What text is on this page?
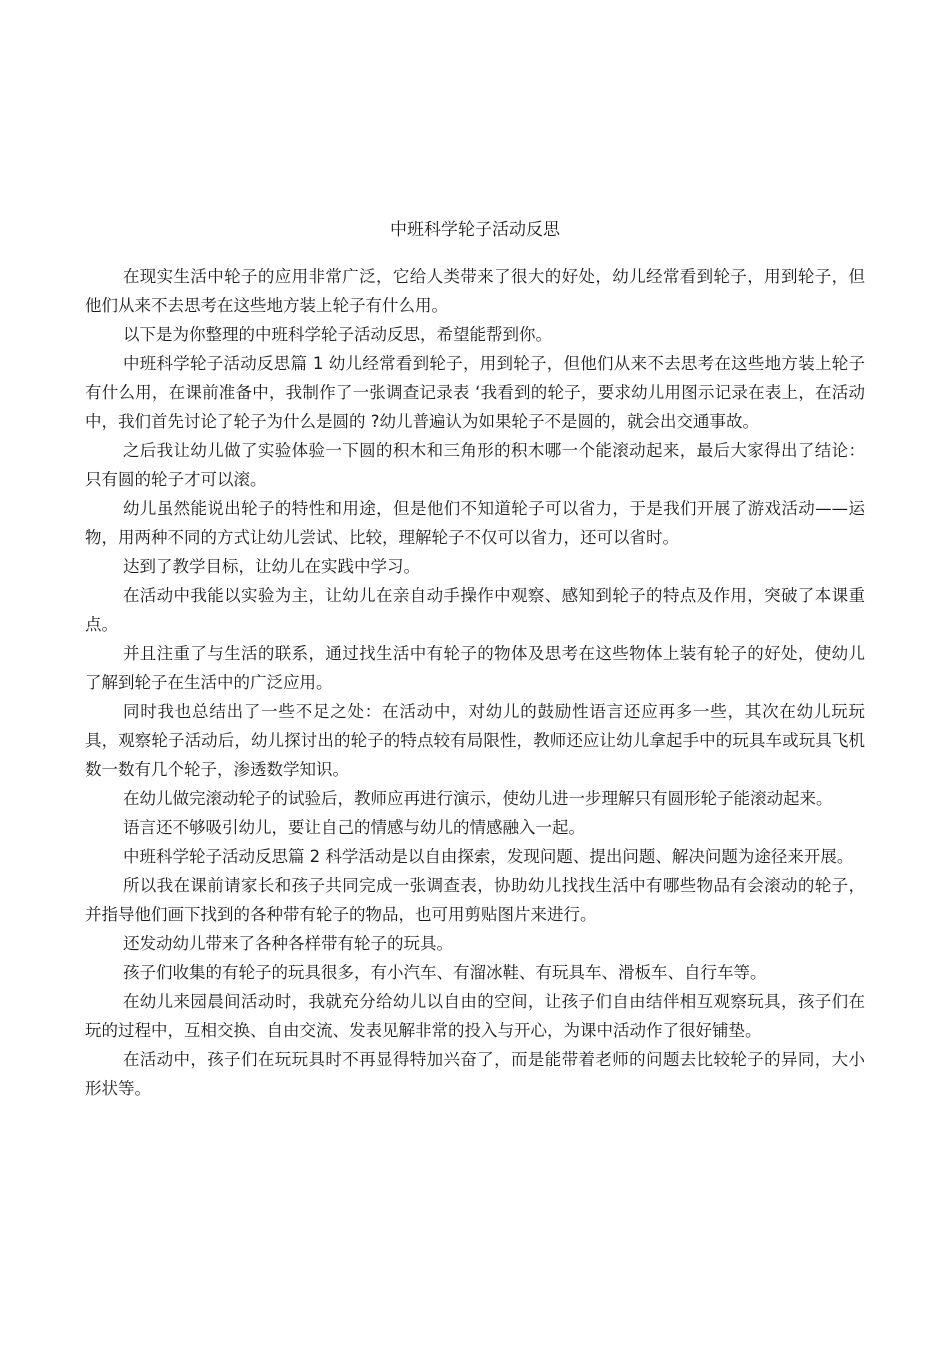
中班科学轮子活动反思

在现实生活中轮子的应用非常广泛，它给人类带来了很大的好处，幼儿经常看到轮子，用到轮子，但他们从来不去思考在这些地方装上轮子有什么用。

以下是为你整理的中班科学轮子活动反思，希望能帮到你。

中班科学轮子活动反思篇 1 幼儿经常看到轮子，用到轮子，但他们从来不去思考在这些地方装上轮子有什么用，在课前准备中，我制作了一张调查记录表 ‘我看到的轮子，要求幼儿用图示记录在表上，在活动中，我们首先讨论了轮子为什么是圆的 ?幼儿普遍认为如果轮子不是圆的，就会出交通事故。

之后我让幼儿做了实验体验一下圆的积木和三角形的积木哪一个能滚动起来，最后大家得出了结论：只有圆的轮子才可以滚。

幼儿虽然能说出轮子的特性和用途，但是他们不知道轮子可以省力，于是我们开展了游戏活动——运物，用两种不同的方式让幼儿尝试、比较，理解轮子不仅可以省力，还可以省时。

达到了教学目标，让幼儿在实践中学习。

在活动中我能以实验为主，让幼儿在亲自动手操作中观察、感知到轮子的特点及作用，突破了本课重点。

并且注重了与生活的联系，通过找生活中有轮子的物体及思考在这些物体上装有轮子的好处，使幼儿了解到轮子在生活中的广泛应用。

同时我也总结出了一些不足之处：在活动中，对幼儿的鼓励性语言还应再多一些，其次在幼儿玩玩具，观察轮子活动后，幼儿探讨出的轮子的特点较有局限性，教师还应让幼儿拿起手中的玩具车或玩具飞机数一数有几个轮子，渗透数学知识。

在幼儿做完滚动轮子的试验后，教师应再进行演示，使幼儿进一步理解只有圆形轮子能滚动起来。

语言还不够吸引幼儿，要让自己的情感与幼儿的情感融入一起。

中班科学轮子活动反思篇 2 科学活动是以自由探索，发现问题、提出问题、解决问题为途径来开展。

所以我在课前请家长和孩子共同完成一张调查表，协助幼儿找找生活中有哪些物品有会滚动的轮子，并指导他们画下找到的各种带有轮子的物品，也可用剪贴图片来进行。

还发动幼儿带来了各种各样带有轮子的玩具。

孩子们收集的有轮子的玩具很多，有小汽车、有溜冰鞋、有玩具车、滑板车、自行车等。

在幼儿来园晨间活动时，我就充分给幼儿以自由的空间，让孩子们自由结伴相互观察玩具，孩子们在玩的过程中，互相交换、自由交流、发表见解非常的投入与开心，为课中活动作了很好铺垫。

在活动中，孩子们在玩玩具时不再显得特加兴奋了，而是能带着老师的问题去比较轮子的异同，大小形状等。
